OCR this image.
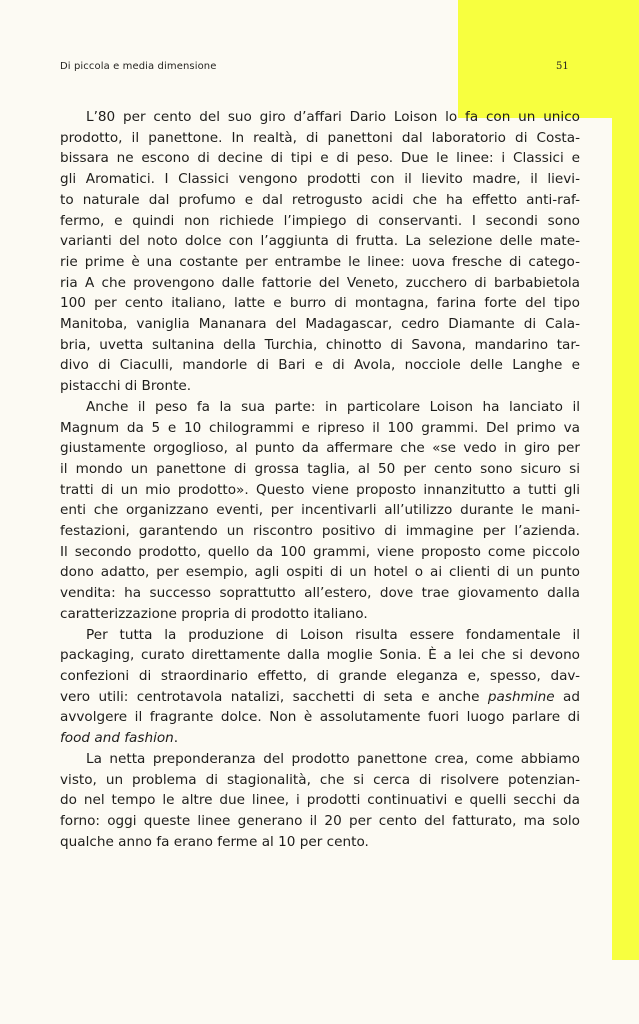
Di piccola e media dimensione	51

L’80 per cento del suo giro d’affari Dario Loison lo fa con un unico
prodotto, il panettone. In realtà, di panettoni dal laboratorio di Costa-
bissara ne escono di decine di tipi e di peso. Due le linee: i Classici e
gli Aromatici. I Classici vengono prodotti con il lievito madre, il lievi-
to naturale dal profumo e dal retrogusto acidi che ha effetto anti-raf-
fermo, e quindi non richiede l’impiego di conservanti. I secondi sono
varianti del noto dolce con l’aggiunta di frutta. La selezione delle mate-
rie prime è una costante per entrambe le linee: uova fresche di catego-
ria A che provengono dalle fattorie del Veneto, zucchero di barbabietola
100 per cento italiano, latte e burro di montagna, farina forte del tipo
Manitoba, vaniglia Mananara del Madagascar, cedro Diamante di Cala-
bria, uvetta sultanina della Turchia, chinotto di Savona, mandarino tar-
divo di Ciaculli, mandorle di Bari e di Avola, nocciole delle Langhe e
pistacchi di Bronte.

Anche il peso fa la sua parte: in particolare Loison ha lanciato il
Magnum da 5 e 10 chilogrammi e ripreso il 100 grammi. Del primo va
giustamente orgoglioso, al punto da affermare che «se vedo in giro per
il mondo un panettone di grossa taglia, al 50 per cento sono sicuro si
tratti di un mio prodotto». Questo viene proposto innanzitutto a tutti gli
enti che organizzano eventi, per incentivarli all’utilizzo durante le mani-
festazioni, garantendo un riscontro positivo di immagine per l’azienda.
Il secondo prodotto, quello da 100 grammi, viene proposto come piccolo
dono adatto, per esempio, agli ospiti di un hotel o ai clienti di un punto
vendita: ha successo soprattutto all’estero, dove trae giovamento dalla
caratterizzazione propria di prodotto italiano.

Per tutta la produzione di Loison risulta essere fondamentale il
packaging, curato direttamente dalla moglie Sonia. È a lei che si devono
confezioni di straordinario effetto, di grande eleganza e, spesso, dav-
vero utili: centrotavola natalizi, sacchetti di seta e anche pashmine ad
avvolgere il fragrante dolce. Non è assolutamente fuori luogo parlare di
food and fashion.

La netta preponderanza del prodotto panettone crea, come abbiamo
visto, un problema di stagionalità, che si cerca di risolvere potenzian-
do nel tempo le altre due linee, i prodotti continuativi e quelli secchi da
forno: oggi queste linee generano il 20 per cento del fatturato, ma solo
qualche anno fa erano ferme al 10 per cento.
